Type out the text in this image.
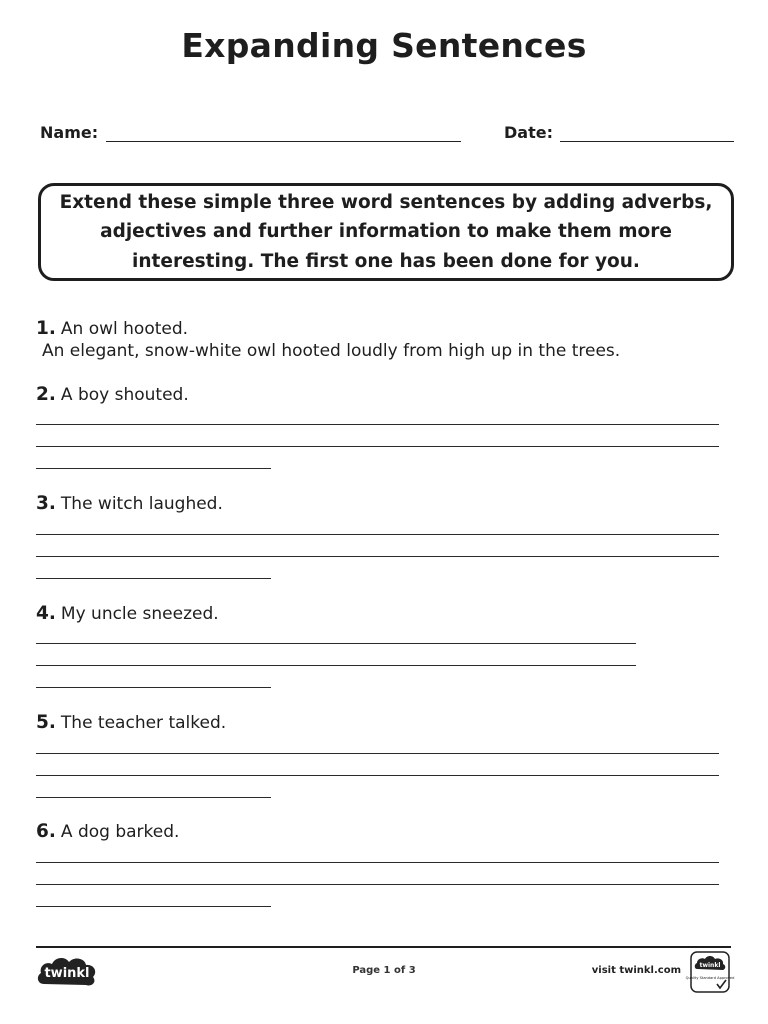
Expanding Sentences
Name:	Date:
Extend these simple three word sentences by adding adverbs, adjectives and further information to make them more interesting. The first one has been done for you.
1. An owl hooted.
An elegant, snow-white owl hooted loudly from high up in the trees.
2. A boy shouted.
3. The witch laughed.
4. My uncle sneezed.
5. The teacher talked.
6. A dog barked.
twinkl	Page 1 of 3	visit twinkl.com	twinkl
Quality Standard Approved
